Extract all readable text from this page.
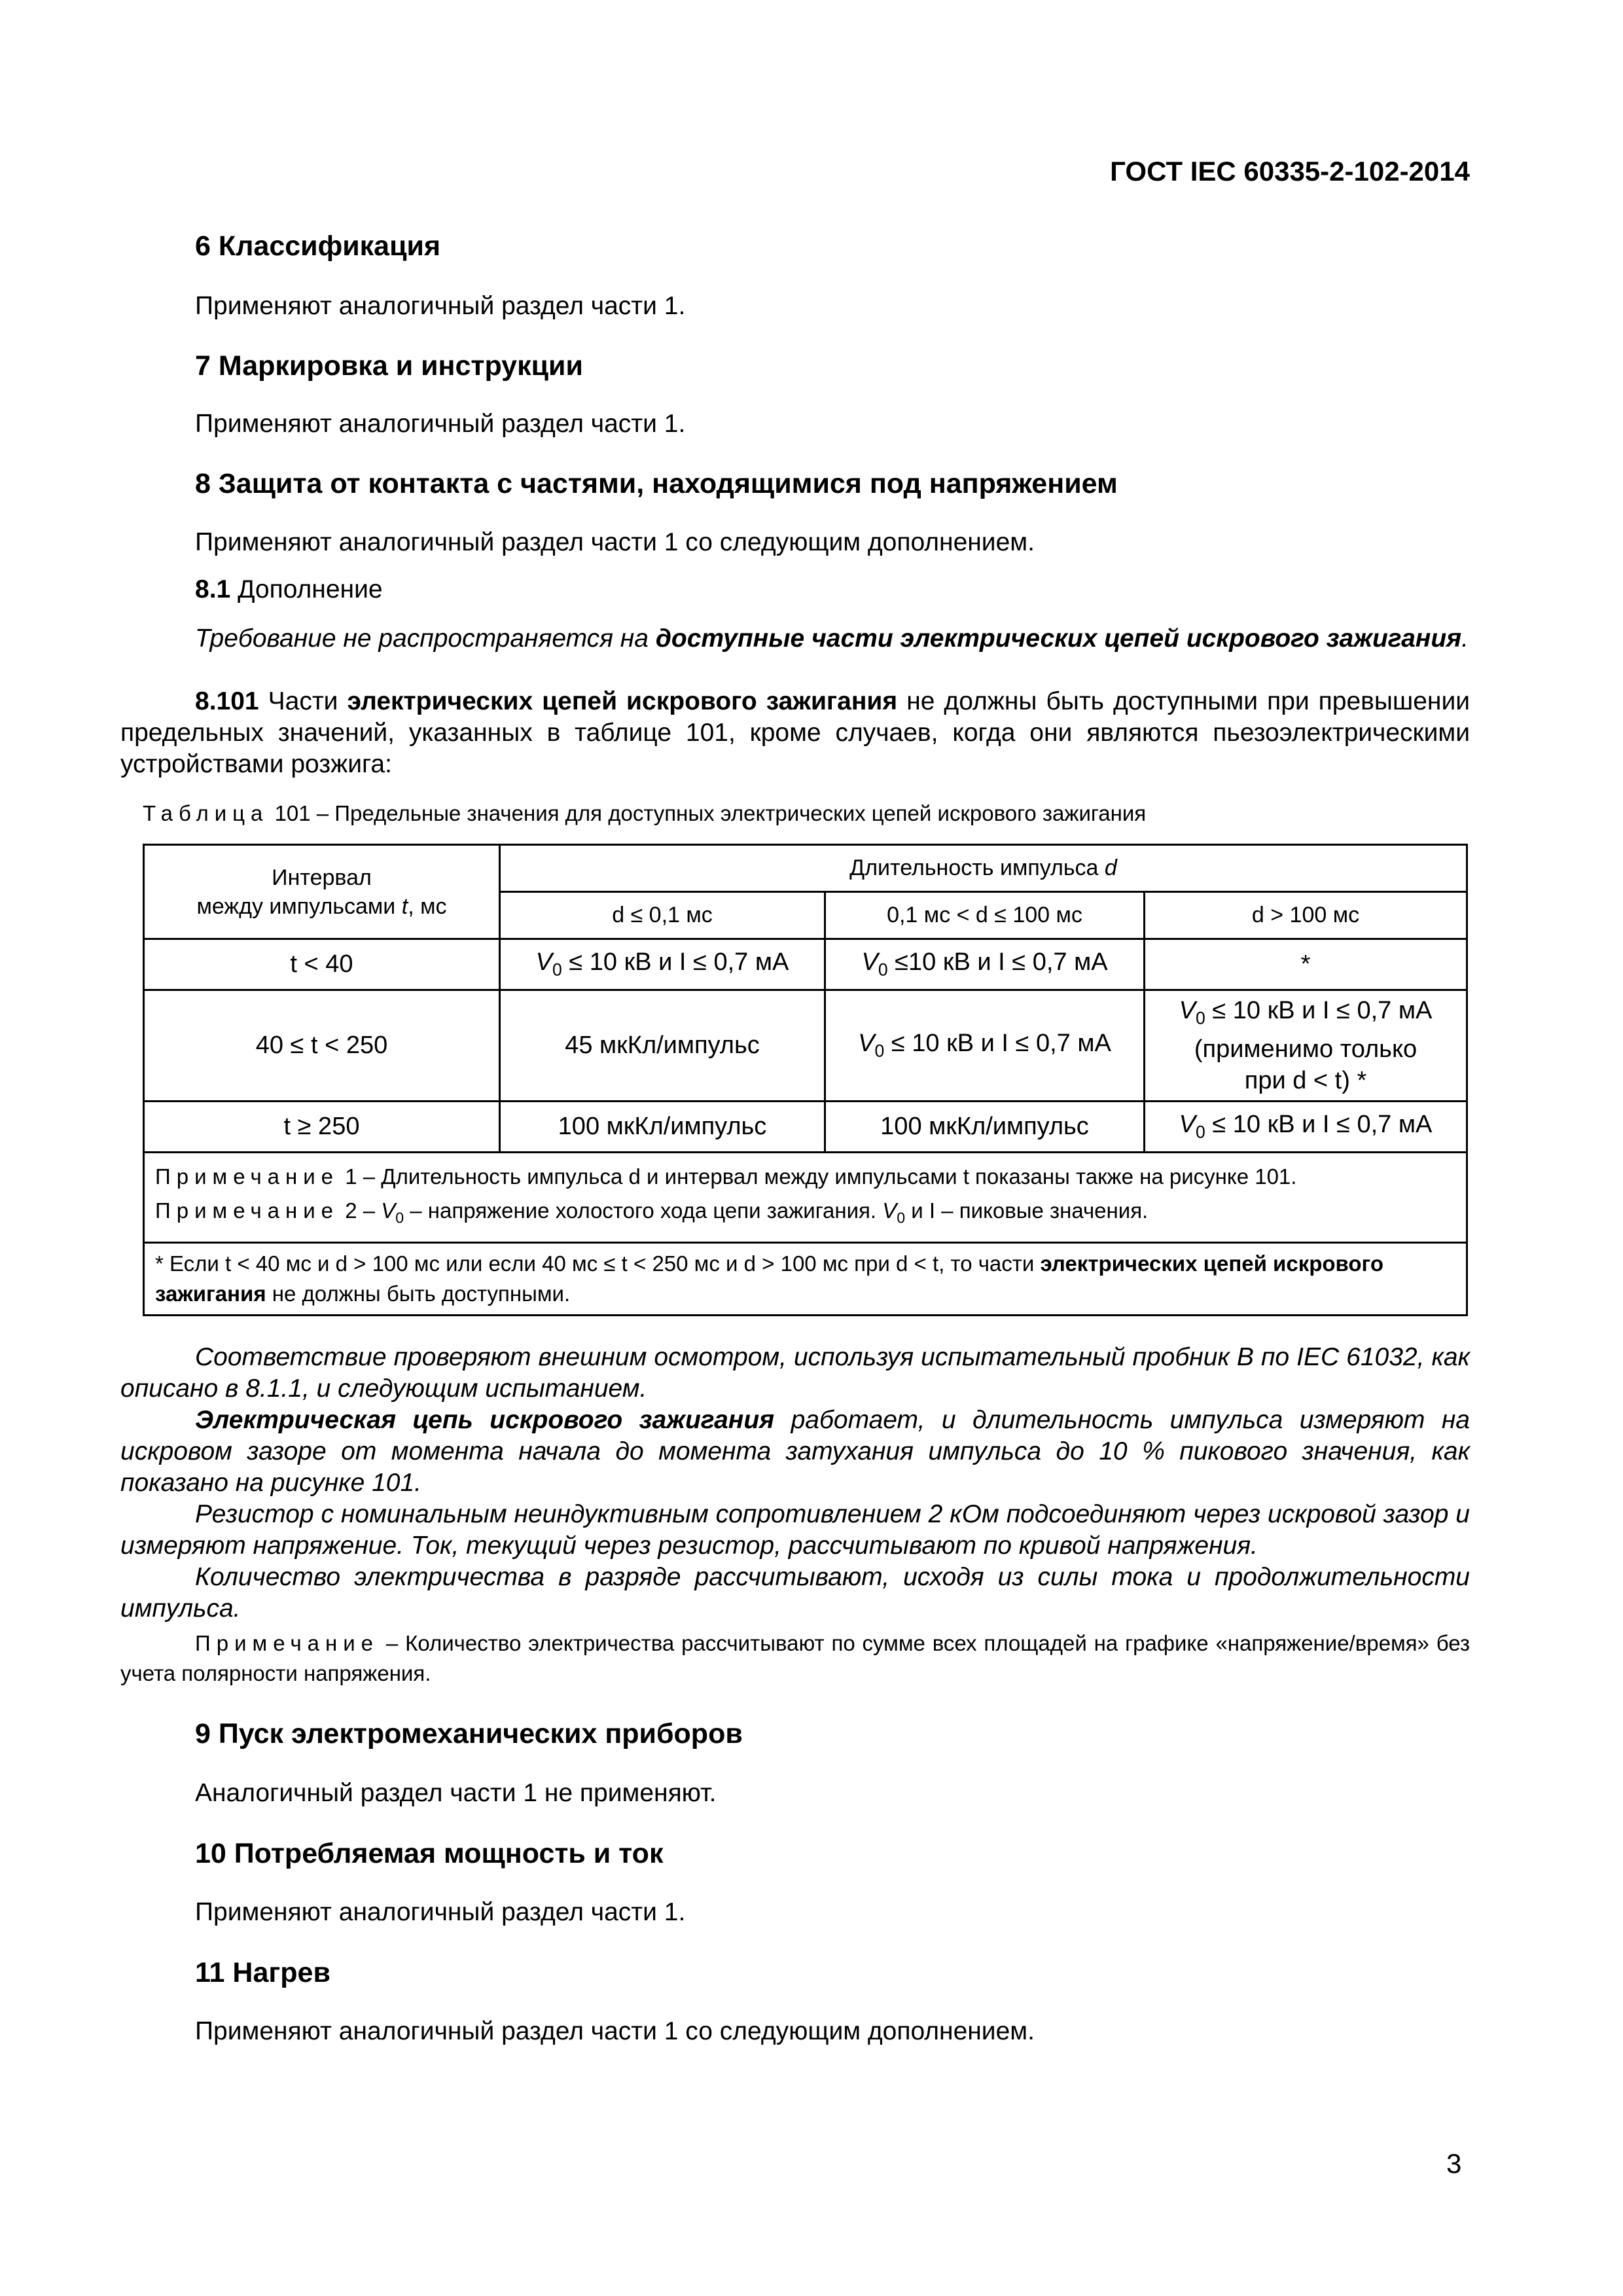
ГОСТ IEC 60335-2-102-2014
6 Классификация
Применяют аналогичный раздел части 1.
7 Маркировка и инструкции
Применяют аналогичный раздел части 1.
8 Защита от контакта с частями, находящимися под напряжением
Применяют аналогичный раздел части 1 со следующим дополнением.
8.1 Дополнение
Требование не распространяется на доступные части электрических цепей искрового зажигания.
8.101 Части электрических цепей искрового зажигания не должны быть доступными при превышении предельных значений, указанных в таблице 101, кроме случаев, когда они являются пьезоэлектрическими устройствами розжига:
Таблица 101 – Предельные значения для доступных электрических цепей искрового зажигания
Интервал
между импульсами t, мс	Длительность импульса d		
	d ≤ 0,1 мс	0,1 мс < d ≤ 100 мс	d > 100 мс
t < 40	$V_0 \le 10$ кВ и I ≤ 0,7 мА	$V_0 \le 10$ кВ и I ≤ 0,7 мА	*
40 ≤ t < 250	45 мкКл/импульс	$V_0 \le 10$ кВ и I ≤ 0,7 мА	$V_0 \le 10$ кВ и I ≤ 0,7 мА
(применимо только
при d < t) *
t ≥ 250	100 мкКл/импульс	100 мкКл/импульс	$V_0 \le 10$ кВ и I ≤ 0,7 мА

Примечание 1 – Длительность импульса d и интервал между импульсами t показаны также на рисунке 101.
Примечание $2 - V_0$ – напряжение холостого хода цепи зажигания. $V_0$ и I – пиковые значения.			

* Если t < 40 мс и d > 100 мс или если 40 мс ≤ t < 250 мс и d > 100 мс при d < t, то части электрических цепей искрового зажигания не должны быть доступными.			
Соответствие проверяют внешним осмотром, используя испытательный пробник B по IEC 61032, как описано в 8.1.1, и следующим испытанием.
Электрическая цепь искрового зажигания работает, и длительность импульса измеряют на искровом зазоре от момента начала до момента затухания импульса до 10 % пикового значения, как показано на рисунке 101.
Резистор с номинальным неиндуктивным сопротивлением 2 кОм подсоединяют через искровой зазор и измеряют напряжение. Ток, текущий через резистор, рассчитывают по кривой напряжения.
Количество электричества в разряде рассчитывают, исходя из силы тока и продолжительности импульса.
Примечание – Количество электричества рассчитывают по сумме всех площадей на графике «напряжение/время» без учета полярности напряжения.
9 Пуск электромеханических приборов
Аналогичный раздел части 1 не применяют.
10 Потребляемая мощность и ток
Применяют аналогичный раздел части 1.
11 Нагрев
Применяют аналогичный раздел части 1 со следующим дополнением.
3
